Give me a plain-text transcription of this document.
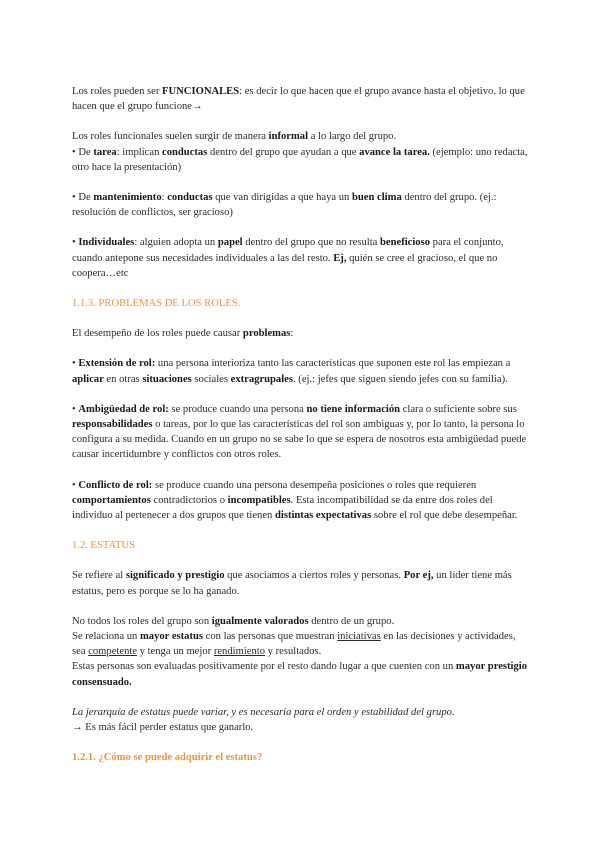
Los roles pueden ser FUNCIONALES: es decir lo que hacen que el grupo avance hasta el objetivo. lo que hacen que el grupo funcione→

Los roles funcionales suelen surgir de manera informal a lo largo del grupo.

• De tarea: implican conductas dentro del grupo que ayudan a que avance la tarea. (ejemplo: uno redacta, otro hace la presentación)

• De mantenimiento: conductas que van dirigidas a que haya un buen clima dentro del grupo. (ej.: resolución de conflictos, ser gracioso)

• Individuales: alguien adopta un papel dentro del grupo que no resulta beneficioso para el conjunto, cuando antepone sus necesidades individuales a las del resto. Ej, quién se cree el gracioso, el que no coopera…etc

1.1.3. PROBLEMAS DE LOS ROLES.

El desempeño de los roles puede causar problemas:

• Extensión de rol: una persona interioriza tanto las características que suponen este rol las empiezan a aplicar en otras situaciones sociales extragrupales. (ej.: jefes que siguen siendo jefes con su familia).

• Ambigüedad de rol: se produce cuando una persona no tiene información clara o suficiente sobre sus responsabilidades o tareas, por lo que las características del rol son ambiguas y, por lo tanto, la persona lo configura a su medida. Cuando en un grupo no se sabe lo que se espera de nosotros esta ambigüedad puede causar incertidumbre y conflictos con otros roles.

• Conflicto de rol: se produce cuando una persona desempeña posiciones o roles que requieren comportamientos contradictorios o incompatibles. Esta incompatibilidad se da entre dos roles del individuo al pertenecer a dos grupos que tienen distintas expectativas sobre el rol que debe desempeñar.

1.2. ESTATUS

Se refiere al significado y prestigio que asociamos a ciertos roles y personas. Por ej, un líder tiene más estatus, pero es porque se lo ha ganado.

No todos los roles del grupo son igualmente valorados dentro de un grupo.

Se relaciona un mayor estatus con las personas que muestran iniciativas en las decisiones y actividades, sea competente y tenga un mejor rendimiento y resultados.

Estas personas son evaluadas positivamente por el resto dando lugar a que cuenten con un mayor prestigio consensuado.

La jerarquía de estatus puede variar, y es necesaria para el orden y estabilidad del grupo.

→ Es más fácil perder estatus que ganarlo.

1.2.1. ¿Cómo se puede adquirir el estatus?
